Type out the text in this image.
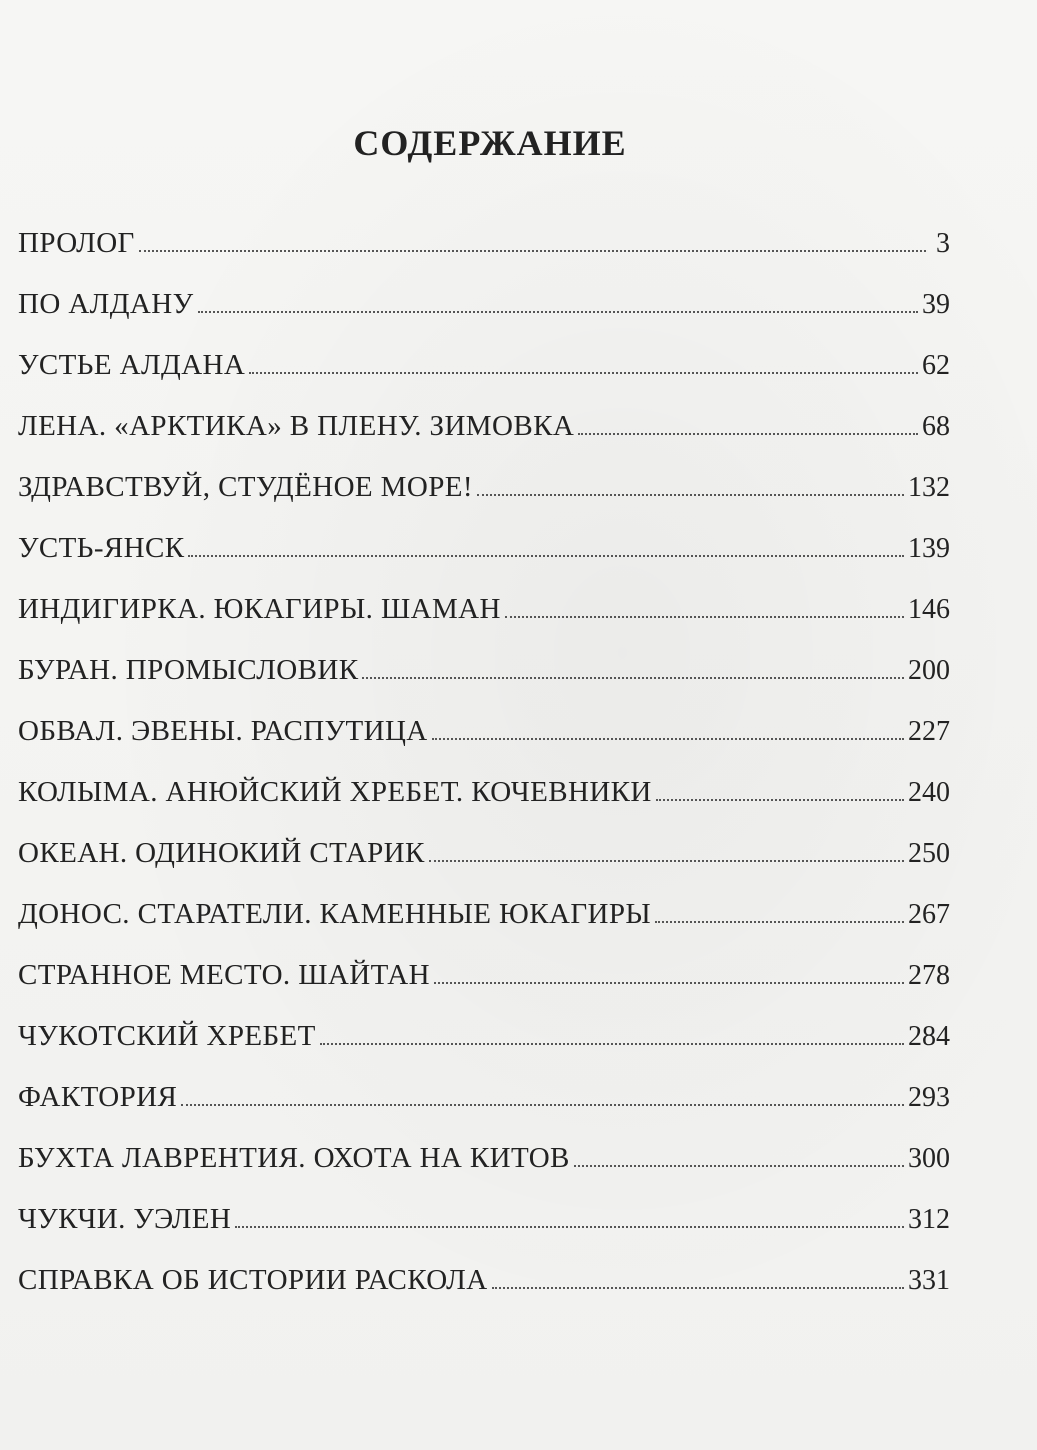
СОДЕРЖАНИЕ
ПРОЛОГ	3
ПО АЛДАНУ	39
УСТЬЕ АЛДАНА	62
ЛЕНА. «АРКТИКА» В ПЛЕНУ. ЗИМОВКА	68
ЗДРАВСТВУЙ, СТУДЁНОЕ МОРЕ!	132
УСТЬ-ЯНСК	139
ИНДИГИРКА. ЮКАГИРЫ. ШАМАН	146
БУРАН. ПРОМЫСЛОВИК	200
ОБВАЛ. ЭВЕНЫ. РАСПУТИЦА	227
КОЛЫМА. АНЮЙСКИЙ ХРЕБЕТ. КОЧЕВНИКИ	240
ОКЕАН. ОДИНОКИЙ СТАРИК	250
ДОНОС. СТАРАТЕЛИ. КАМЕННЫЕ ЮКАГИРЫ	267
СТРАННОЕ МЕСТО. ШАЙТАН	278
ЧУКОТСКИЙ ХРЕБЕТ	284
ФАКТОРИЯ	293
БУХТА ЛАВРЕНТИЯ. ОХОТА НА КИТОВ	300
ЧУКЧИ. УЭЛЕН	312
СПРАВКА ОБ ИСТОРИИ РАСКОЛА	331
